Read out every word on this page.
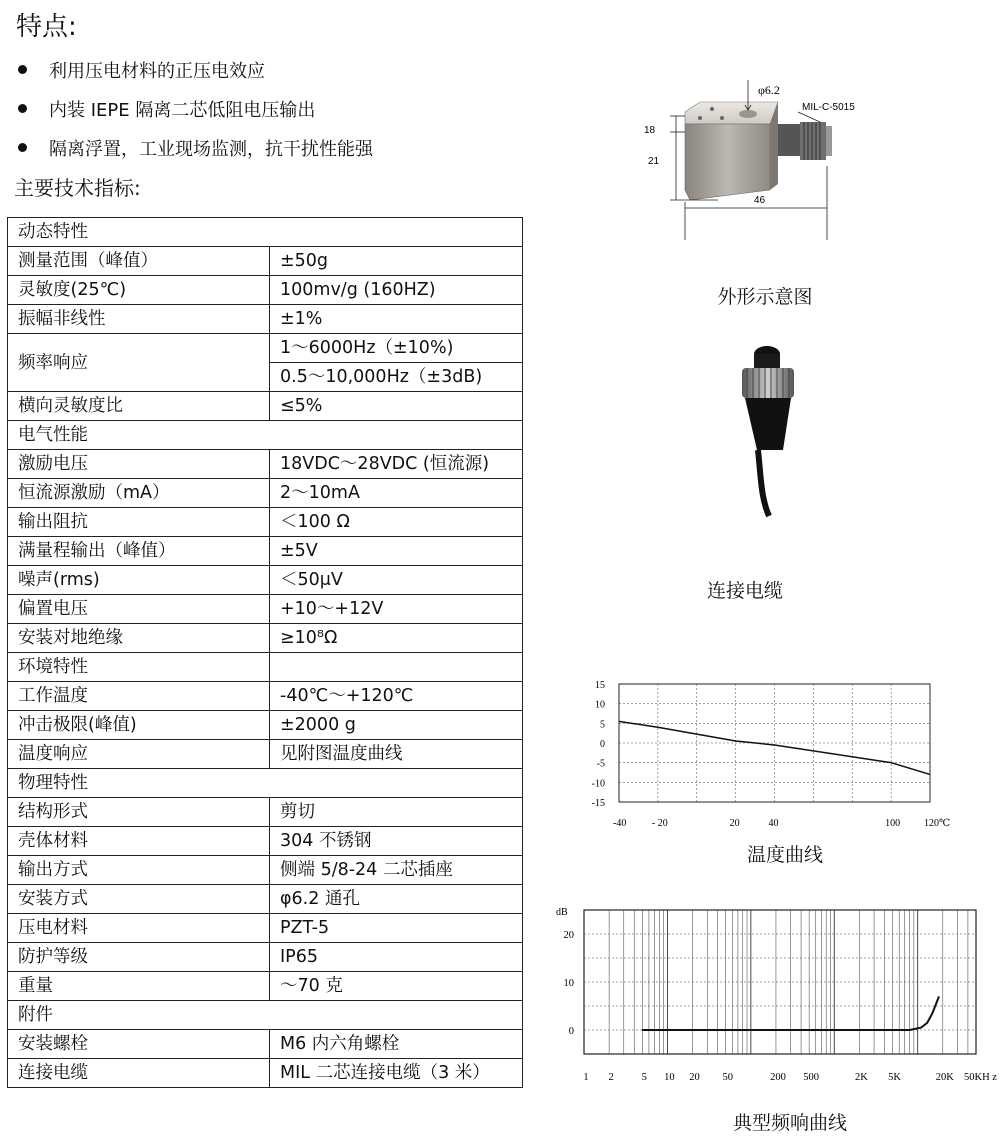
特点:
利用压电材料的正压电效应
内装 IEPE 隔离二芯低阻电压输出
隔离浮置，工业现场监测，抗干扰性能强
主要技术指标:
动态特性	
测量范围（峰值）	±50g
灵敏度(25℃)	100mv/g (160HZ)
振幅非线性	±1%
频率响应	1～6000Hz（±10%)
	0.5～10,000Hz（±3dB)
横向灵敏度比	≤5%
电气性能	
激励电压	18VDC～28VDC (恒流源)
恒流源激励（mA）	2～10mA
输出阻抗	＜100 Ω
满量程输出（峰值）	±5V
噪声(rms)	＜50μV
偏置电压	+10～+12V
安装对地绝缘	≥10⁸Ω
环境特性	
工作温度	-40℃～+120℃
冲击极限(峰值)	±2000 g
温度响应	见附图温度曲线
物理特性	
结构形式	剪切
壳体材料	304 不锈钢
输出方式	侧端 5/8-24 二芯插座
安装方式	φ6.2 通孔
压电材料	PZT-5
防护等级	IP65
重量	～70 克
附件	
安装螺栓	M6 内六角螺栓
连接电缆	MIL 二芯连接电缆（3 米）
φ6.2
MIL-C-5015
18
21
46
外形示意图
连接电缆
15
10
5
0
-5
-10
-15
-40	- 20	20	40	100 120℃
温度曲线
dB
20
10
0
1 2	5 10 20 50	200 500	2K 5K	20K 50KH z
典型频响曲线
